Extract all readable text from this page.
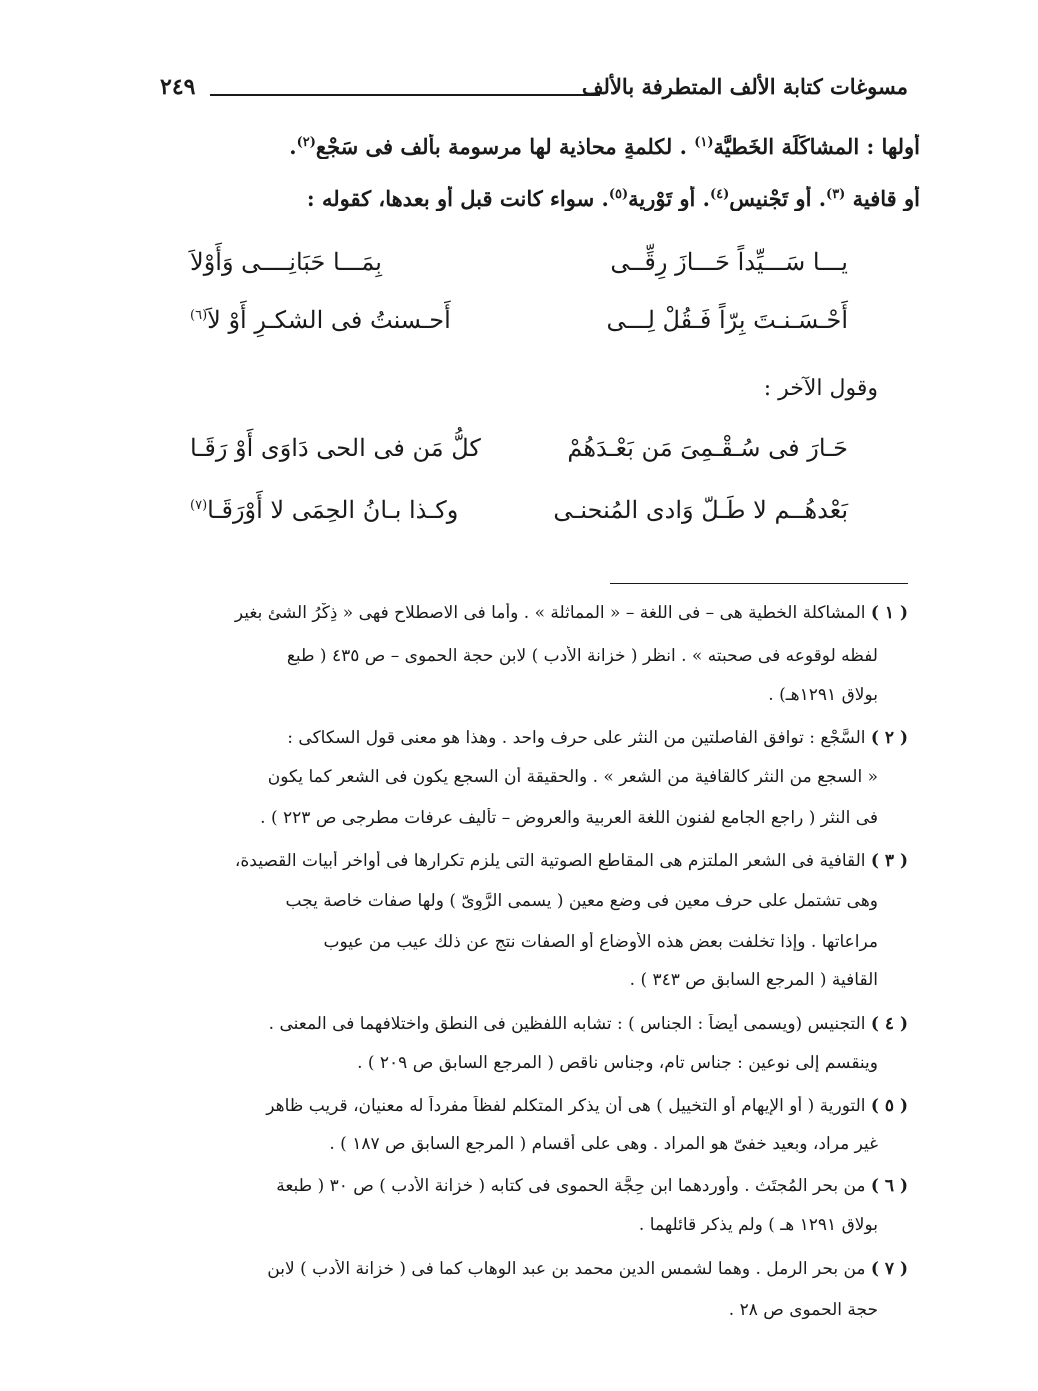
مسوغات كتابة الألف المتطرفة بالألف
٢٤٩
أولها : المشاكَلَة الخَطيَّة$^{(١)}$ . لكلمةٍ محاذية لها مرسومة بألف فى سَجْعٍ$^{(٢)}$.
أو قافية $^{(٣)}$. أو تَجْنيس$^{(٤)}$. أو تَوْرية$^{(٥)}$. سواء كانت قبل أو بعدها، كقوله :
يـــا سَـــيِّداً حَـــازَ رِقِّــى
بِمَـــا حَبَانِــــى وَأَوْلاَ
أَحْـسَـنـتَ بِرّاً فَـقُلْ لِـــى
أَحـسنتُ فى الشكـرِ أَوْ لاَ$^{(٦)}$
وقول الآخر :
حَـارَ فى سُـقْـمِىَ مَن بَعْـدَهُمْ
كلُّ مَن فى الحى دَاوَى أَوْ رَقَـا
بَعْدهُــم لا طَـلّ وَادى المُنحنـى
وكـذا بـانُ الحِمَى لا أَوْرَقَـا$^{(٧)}$
( ١ ) المشاكلة الخطية هى – فى اللغة – « المماثلة » . وأما فى الاصطلاح فهى « ذِكْرُ الشئ بغير
لفظه لوقوعه فى صحبته » . انظر ( خزانة الأدب ) لابن حجة الحموى – ص ٤٣٥ ( طبع
بولاق ١٢٩١هـ) .
( ٢ ) السَّجْع : توافق الفاصلتين من النثر على حرف واحد . وهذا هو معنى قول السكاكى :
« السجع من النثر كالقافية من الشعر » . والحقيقة أن السجع يكون فى الشعر كما يكون
فى النثر ( راجع الجامع لفنون اللغة العربية والعروض – تأليف عرفات مطرجى ص ٢٢٣ ) .
( ٣ ) القافية فى الشعر الملتزم هى المقاطع الصوتية التى يلزم تكرارها فى أواخر أبيات القصيدة،
وهى تشتمل على حرف معين فى وضع معين ( يسمى الرَّوِىّ ) ولها صفات خاصة يجب
مراعاتها . وإذا تخلفت بعض هذه الأوضاع أو الصفات نتج عن ذلك عيب من عيوب
القافية ( المرجع السابق ص ٣٤٣ ) .
( ٤ ) التجنيس (ويسمى أيضاً : الجناس ) : تشابه اللفظين فى النطق واختلافهما فى المعنى .
وينقسم إلى نوعين : جناس تام، وجناس ناقص ( المرجع السابق ص ٢٠٩ ) .
( ٥ ) التورية ( أو الإيهام أو التخييل ) هى أن يذكر المتكلم لفظاً مفرداً له معنيان، قريب ظاهر
غير مراد، وبعيد خفىّ هو المراد . وهى على أقسام ( المرجع السابق ص ١٨٧ ) .
( ٦ ) من بحر المُجتَث . وأوردهما ابن حِجَّة الحموى فى كتابه ( خزانة الأدب ) ص ٣٠ ( طبعة
بولاق ١٢٩١ هـ ) ولم يذكر قائلهما .
( ٧ ) من بحر الرمل . وهما لشمس الدين محمد بن عبد الوهاب كما فى ( خزانة الأدب ) لابن
حجة الحموى ص ٢٨ .
